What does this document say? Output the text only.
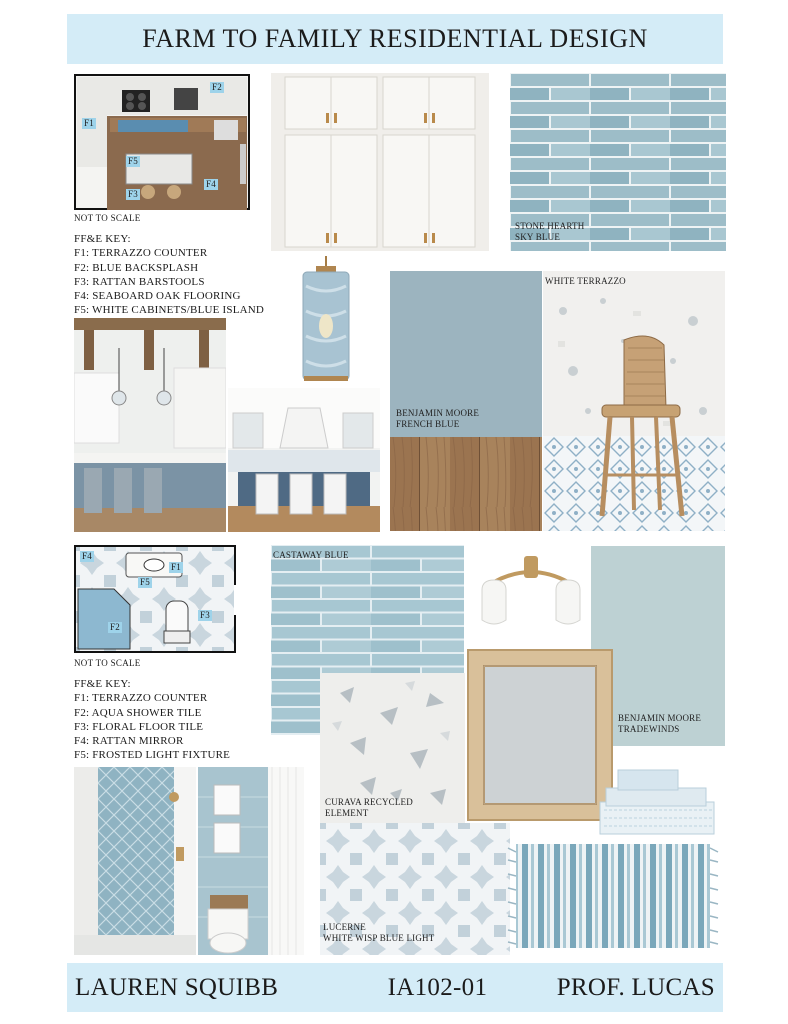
FARM TO FAMILY RESIDENTIAL DESIGN
F2
F1
F5
F3
F4
NOT TO SCALE
FF&E KEY:
F1: TERRAZZO COUNTER
F2: BLUE BACKSPLASH
F3: RATTAN BARSTOOLS
F4: SEABOARD OAK FLOORING
F5: WHITE CABINETS/BLUE ISLAND
STONE HEARTH
SKY BLUE
BENJAMIN MOORE
FRENCH BLUE
WHITE TERRAZZO
F4
F1
F5
F2
F3
NOT TO SCALE
FF&E KEY:
F1: TERRAZZO COUNTER
F2: AQUA SHOWER TILE
F3: FLORAL FLOOR TILE
F4: RATTAN MIRROR
F5: FROSTED LIGHT FIXTURE
CASTAWAY BLUE
BENJAMIN MOORE
TRADEWINDS
CURAVA RECYCLED
ELEMENT
LUCERNE
WHITE WISP BLUE LIGHT
LAUREN SQUIBB	IA102-01	PROF. LUCAS
